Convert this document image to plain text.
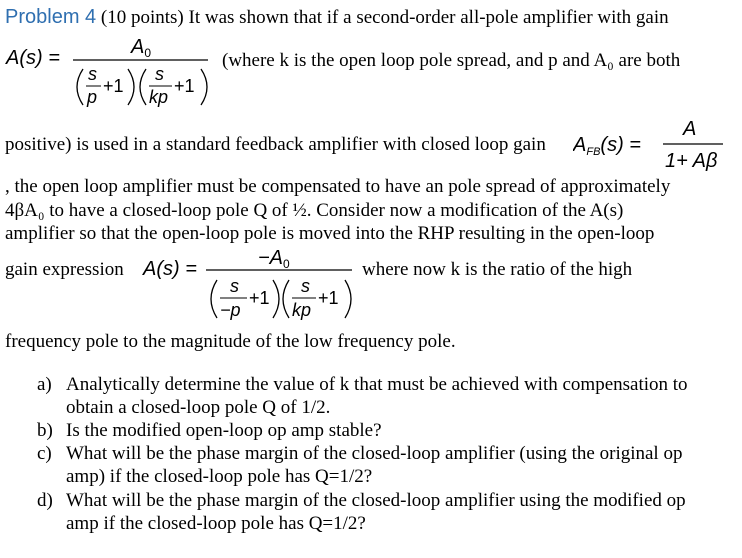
Problem 4 (10 points) It was shown that if a second-order all-pole amplifier with gain
A(s) =	$A_0$
s
p
+1
s
kp
+1
(where k is the open loop pole spread, and p and A₀ are both
positive) is used in a standard feedback amplifier with closed loop gain $A_{FB}(s)$ =
A
1+ Aβ
, the open loop amplifier must be compensated to have an pole spread of approximately
4βA₀ to have a closed-loop pole Q of ½. Consider now a modification of the A(s)
amplifier so that the open-loop pole is moved into the RHP resulting in the open-loop
gain expression A(s) =	$-A_0$
s
−p
+1
s
kp
+1
where now k is the ratio of the high
frequency pole to the magnitude of the low frequency pole.
a) Analytically determine the value of k that must be achieved with compensation to
obtain a closed-loop pole Q of 1/2.
b) Is the modified open-loop op amp stable?
c) What will be the phase margin of the closed-loop amplifier (using the original op
amp) if the closed-loop pole has Q=1/2?
d) What will be the phase margin of the closed-loop amplifier using the modified op
amp if the closed-loop pole has Q=1/2?
